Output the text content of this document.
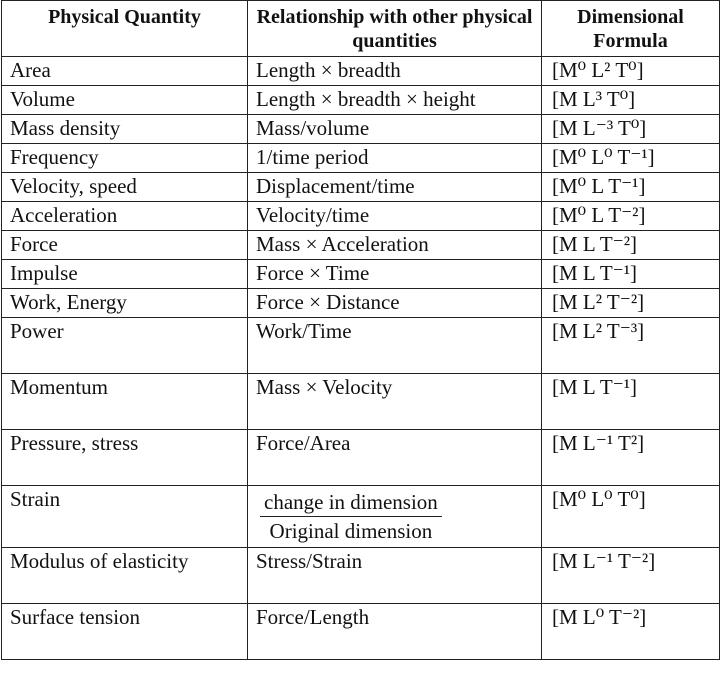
Physical Quantity	Relationship with other physical quantities	Dimensional Formula
Area	Length × breadth	[M⁰ L² T⁰]
Volume	Length × breadth × height	[M L³ T⁰]
Mass density	Mass/volume	[M L⁻³ T⁰]
Frequency	1/time period	[M⁰ L⁰ T⁻¹]
Velocity, speed	Displacement/time	[M⁰ L T⁻¹]
Acceleration	Velocity/time	[M⁰ L T⁻²]
Force	Mass × Acceleration	[M L T⁻²]
Impulse	Force × Time	[M L T⁻¹]
Work, Energy	Force × Distance	[M L² T⁻²]
Power	Work/Time	[M L² T⁻³]
Momentum	Mass × Velocity	[M L T⁻¹]
Pressure, stress	Force/Area	[M L⁻¹ T²]
Strain	$\frac{\text{change in dimension}}{\text{Original dimension}}$	[M⁰ L⁰ T⁰]
Modulus of elasticity	Stress/Strain	[M L⁻¹ T⁻²]
Surface tension	Force/Length	[M L⁰ T⁻²]
